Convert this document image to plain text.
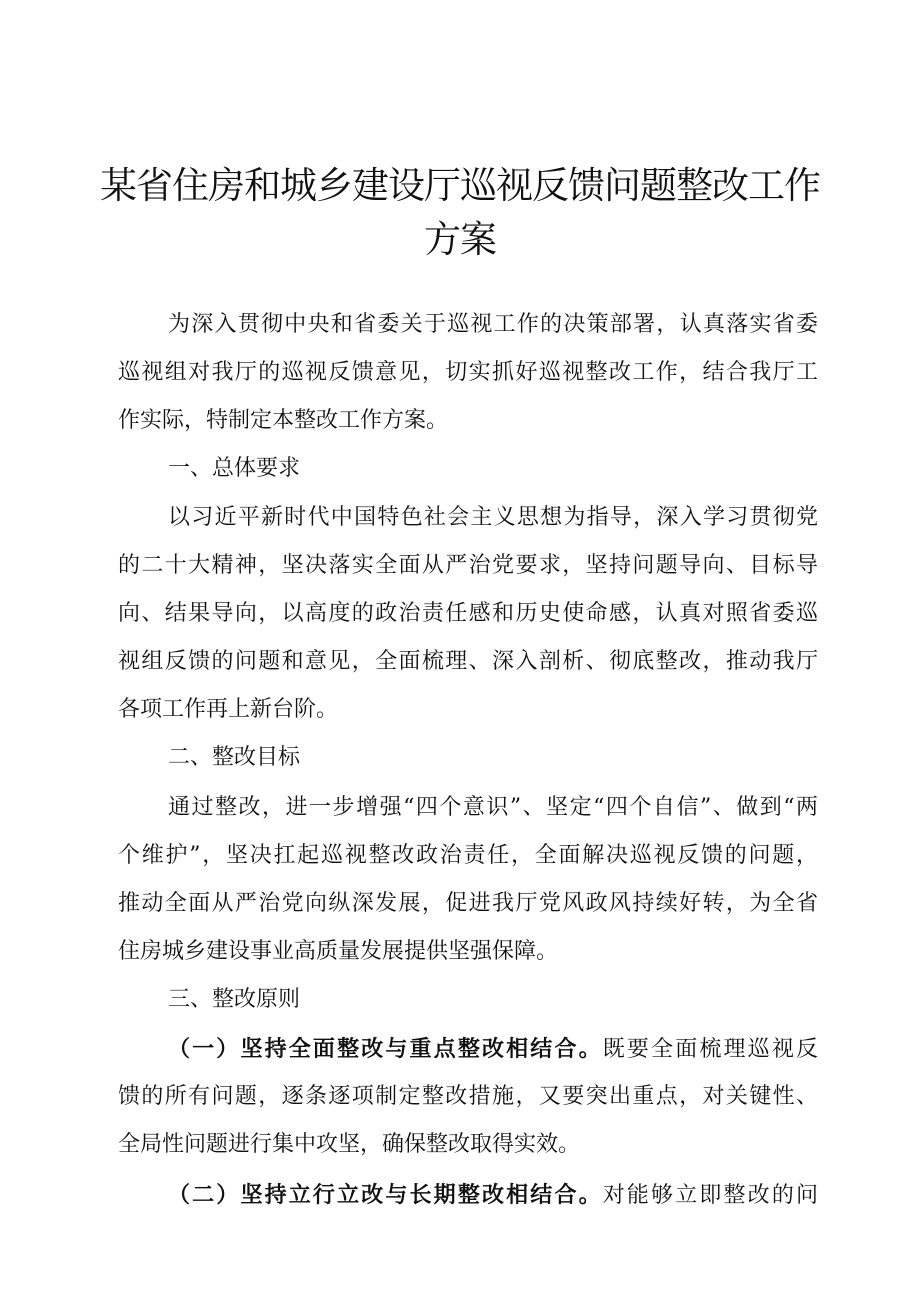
某省住房和城乡建设厅巡视反馈问题整改工作
方案
为深入贯彻中央和省委关于巡视工作的决策部署，认真落实省委
巡视组对我厅的巡视反馈意见，切实抓好巡视整改工作，结合我厅工
作实际，特制定本整改工作方案。
一、总体要求
以习近平新时代中国特色社会主义思想为指导，深入学习贯彻党
的二十大精神，坚决落实全面从严治党要求，坚持问题导向、目标导
向、结果导向，以高度的政治责任感和历史使命感，认真对照省委巡
视组反馈的问题和意见，全面梳理、深入剖析、彻底整改，推动我厅
各项工作再上新台阶。
二、整改目标
通过整改，进一步增强“四个意识”、坚定“四个自信”、做到“两
个维护”，坚决扛起巡视整改政治责任，全面解决巡视反馈的问题，
推动全面从严治党向纵深发展，促进我厅党风政风持续好转，为全省
住房城乡建设事业高质量发展提供坚强保障。
三、整改原则
（一）坚持全面整改与重点整改相结合。既要全面梳理巡视反
馈的所有问题，逐条逐项制定整改措施，又要突出重点，对关键性、
全局性问题进行集中攻坚，确保整改取得实效。
（二）坚持立行立改与长期整改相结合。对能够立即整改的问
